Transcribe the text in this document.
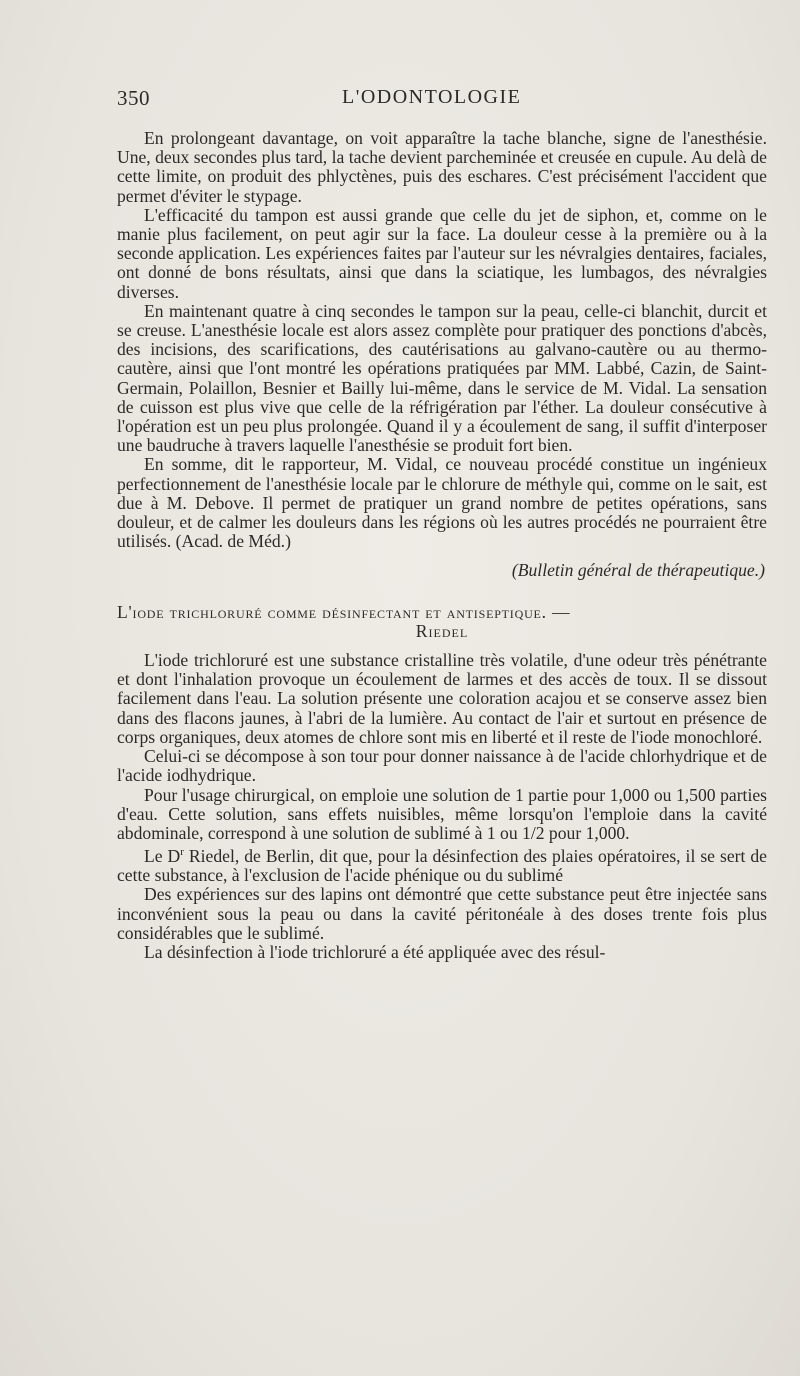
350	L'ODONTOLOGIE

En prolongeant davantage, on voit apparaître la tache blanche, signe de l'anesthésie. Une, deux secondes plus tard, la tache devient parcheminée et creusée en cupule. Au delà de cette limite, on produit des phlyctènes, puis des eschares. C'est précisément l'accident que permet d'éviter le stypage.

L'efficacité du tampon est aussi grande que celle du jet de siphon, et, comme on le manie plus facilement, on peut agir sur la face. La douleur cesse à la première ou à la seconde application. Les expériences faites par l'auteur sur les névralgies dentaires, faciales, ont donné de bons résultats, ainsi que dans la sciatique, les lumbagos, des névralgies diverses.

En maintenant quatre à cinq secondes le tampon sur la peau, celle-ci blanchit, durcit et se creuse. L'anesthésie locale est alors assez complète pour pratiquer des ponctions d'abcès, des incisions, des scarifications, des cautérisations au galvano-cautère ou au thermo-cautère, ainsi que l'ont montré les opérations pratiquées par MM. Labbé, Cazin, de Saint-Germain, Polaillon, Besnier et Bailly lui-même, dans le service de M. Vidal. La sensation de cuisson est plus vive que celle de la réfrigération par l'éther. La douleur consécutive à l'opération est un peu plus prolongée. Quand il y a écoulement de sang, il suffit d'interposer une baudruche à travers laquelle l'anesthésie se produit fort bien.

En somme, dit le rapporteur, M. Vidal, ce nouveau procédé constitue un ingénieux perfectionnement de l'anesthésie locale par le chlorure de méthyle qui, comme on le sait, est due à M. Debove. Il permet de pratiquer un grand nombre de petites opérations, sans douleur, et de calmer les douleurs dans les régions où les autres procédés ne pourraient être utilisés. (Acad. de Méd.)

(Bulletin général de thérapeutique.)

L'iode trichloruré comme désinfectant et antiseptique. —

Riedel

L'iode trichloruré est une substance cristalline très volatile, d'une odeur très pénétrante et dont l'inhalation provoque un écoulement de larmes et des accès de toux. Il se dissout facilement dans l'eau. La solution présente une coloration acajou et se conserve assez bien dans des flacons jaunes, à l'abri de la lumière. Au contact de l'air et surtout en présence de corps organiques, deux atomes de chlore sont mis en liberté et il reste de l'iode monochloré.

Celui-ci se décompose à son tour pour donner naissance à de l'acide chlorhydrique et de l'acide iodhydrique.

Pour l'usage chirurgical, on emploie une solution de 1 partie pour 1,000 ou 1,500 parties d'eau. Cette solution, sans effets nuisibles, même lorsqu'on l'emploie dans la cavité abdominale, correspond à une solution de sublimé à 1 ou 1/2 pour 1,000.

Le $D^r$ Riedel, de Berlin, dit que, pour la désinfection des plaies opératoires, il se sert de cette substance, à l'exclusion de l'acide phénique ou du sublimé

Des expériences sur des lapins ont démontré que cette substance peut être injectée sans inconvénient sous la peau ou dans la cavité péritonéale à des doses trente fois plus considérables que le sublimé.

La désinfection à l'iode trichloruré a été appliquée avec des résul-
